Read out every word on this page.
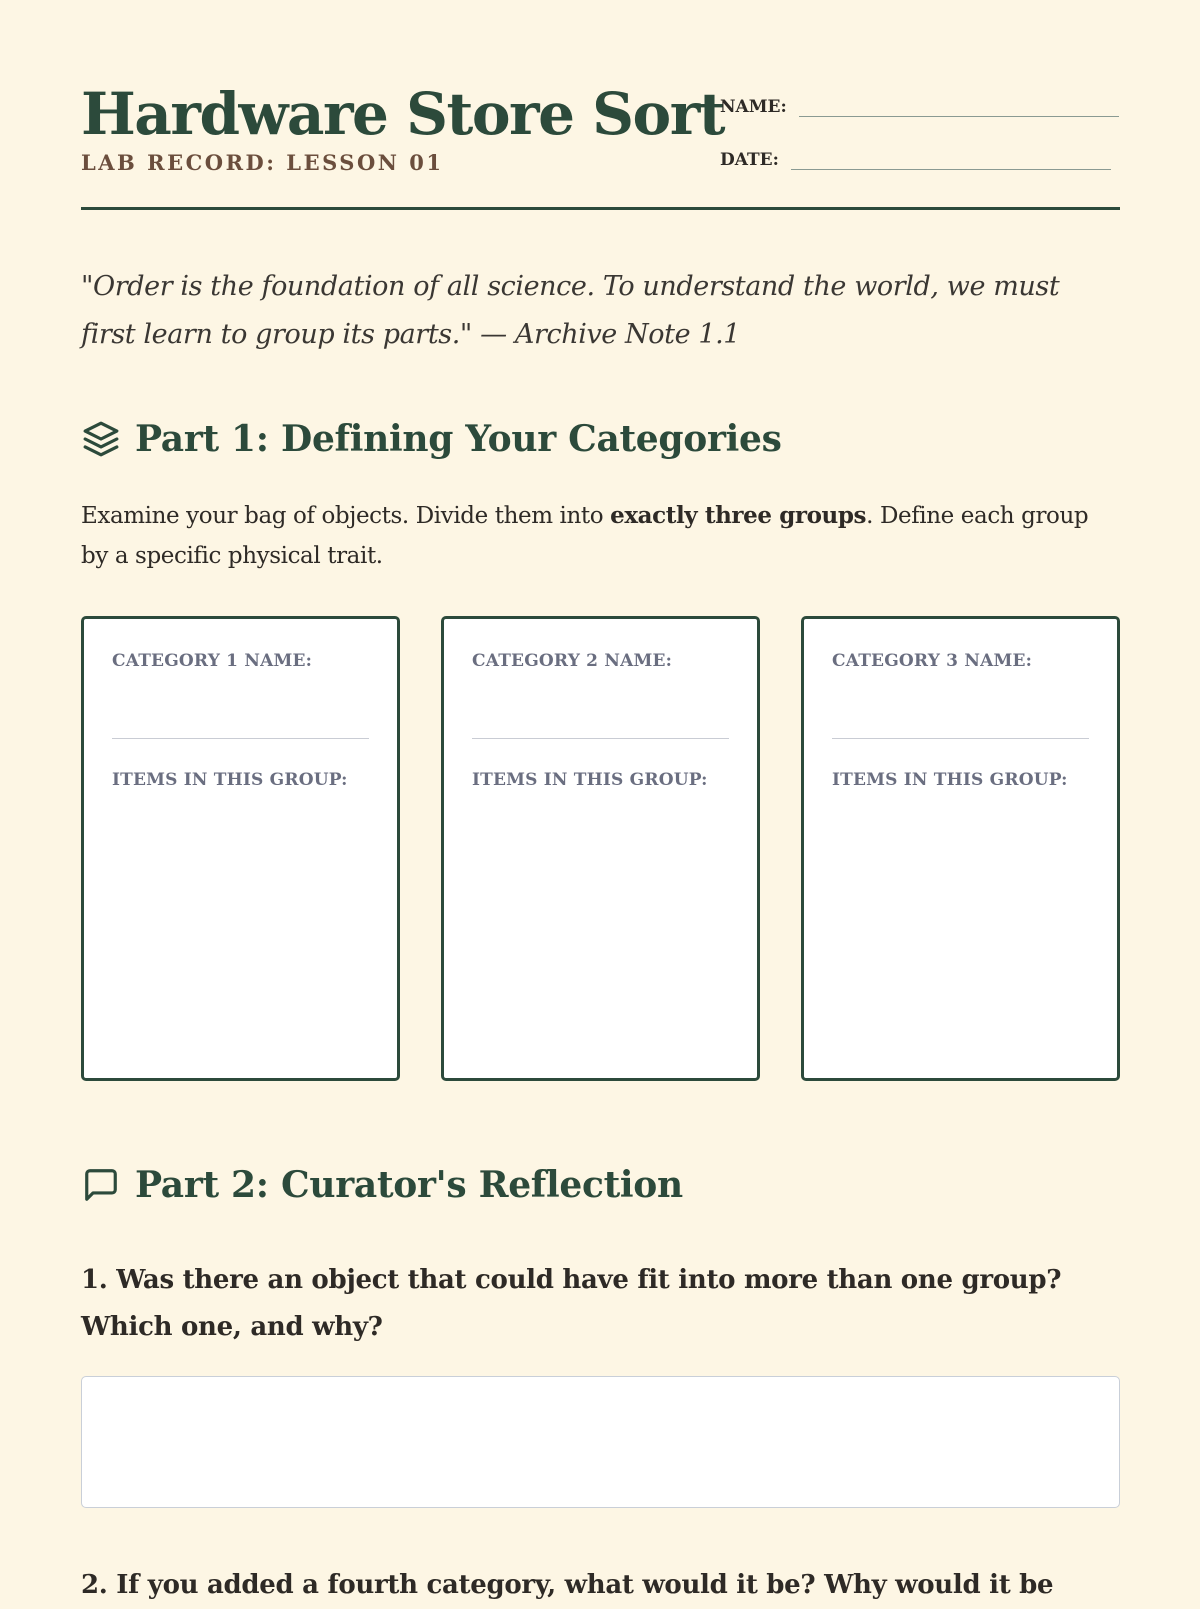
Hardware Store Sort
LAB RECORD: LESSON 01
NAME:
DATE:

"Order is the foundation of all science. To understand the world, we must first learn to group its parts." — Archive Note 1.1

Part 1: Defining Your Categories

Examine your bag of objects. Divide them into exactly three groups. Define each group by a specific physical trait.

CATEGORY 1 NAME:
ITEMS IN THIS GROUP:
CATEGORY 2 NAME:
ITEMS IN THIS GROUP:
CATEGORY 3 NAME:
ITEMS IN THIS GROUP:
Part 2: Curator's Reflection

1. Was there an object that could have fit into more than one group? Which one, and why?

2. If you added a fourth category, what would it be? Why would it be
